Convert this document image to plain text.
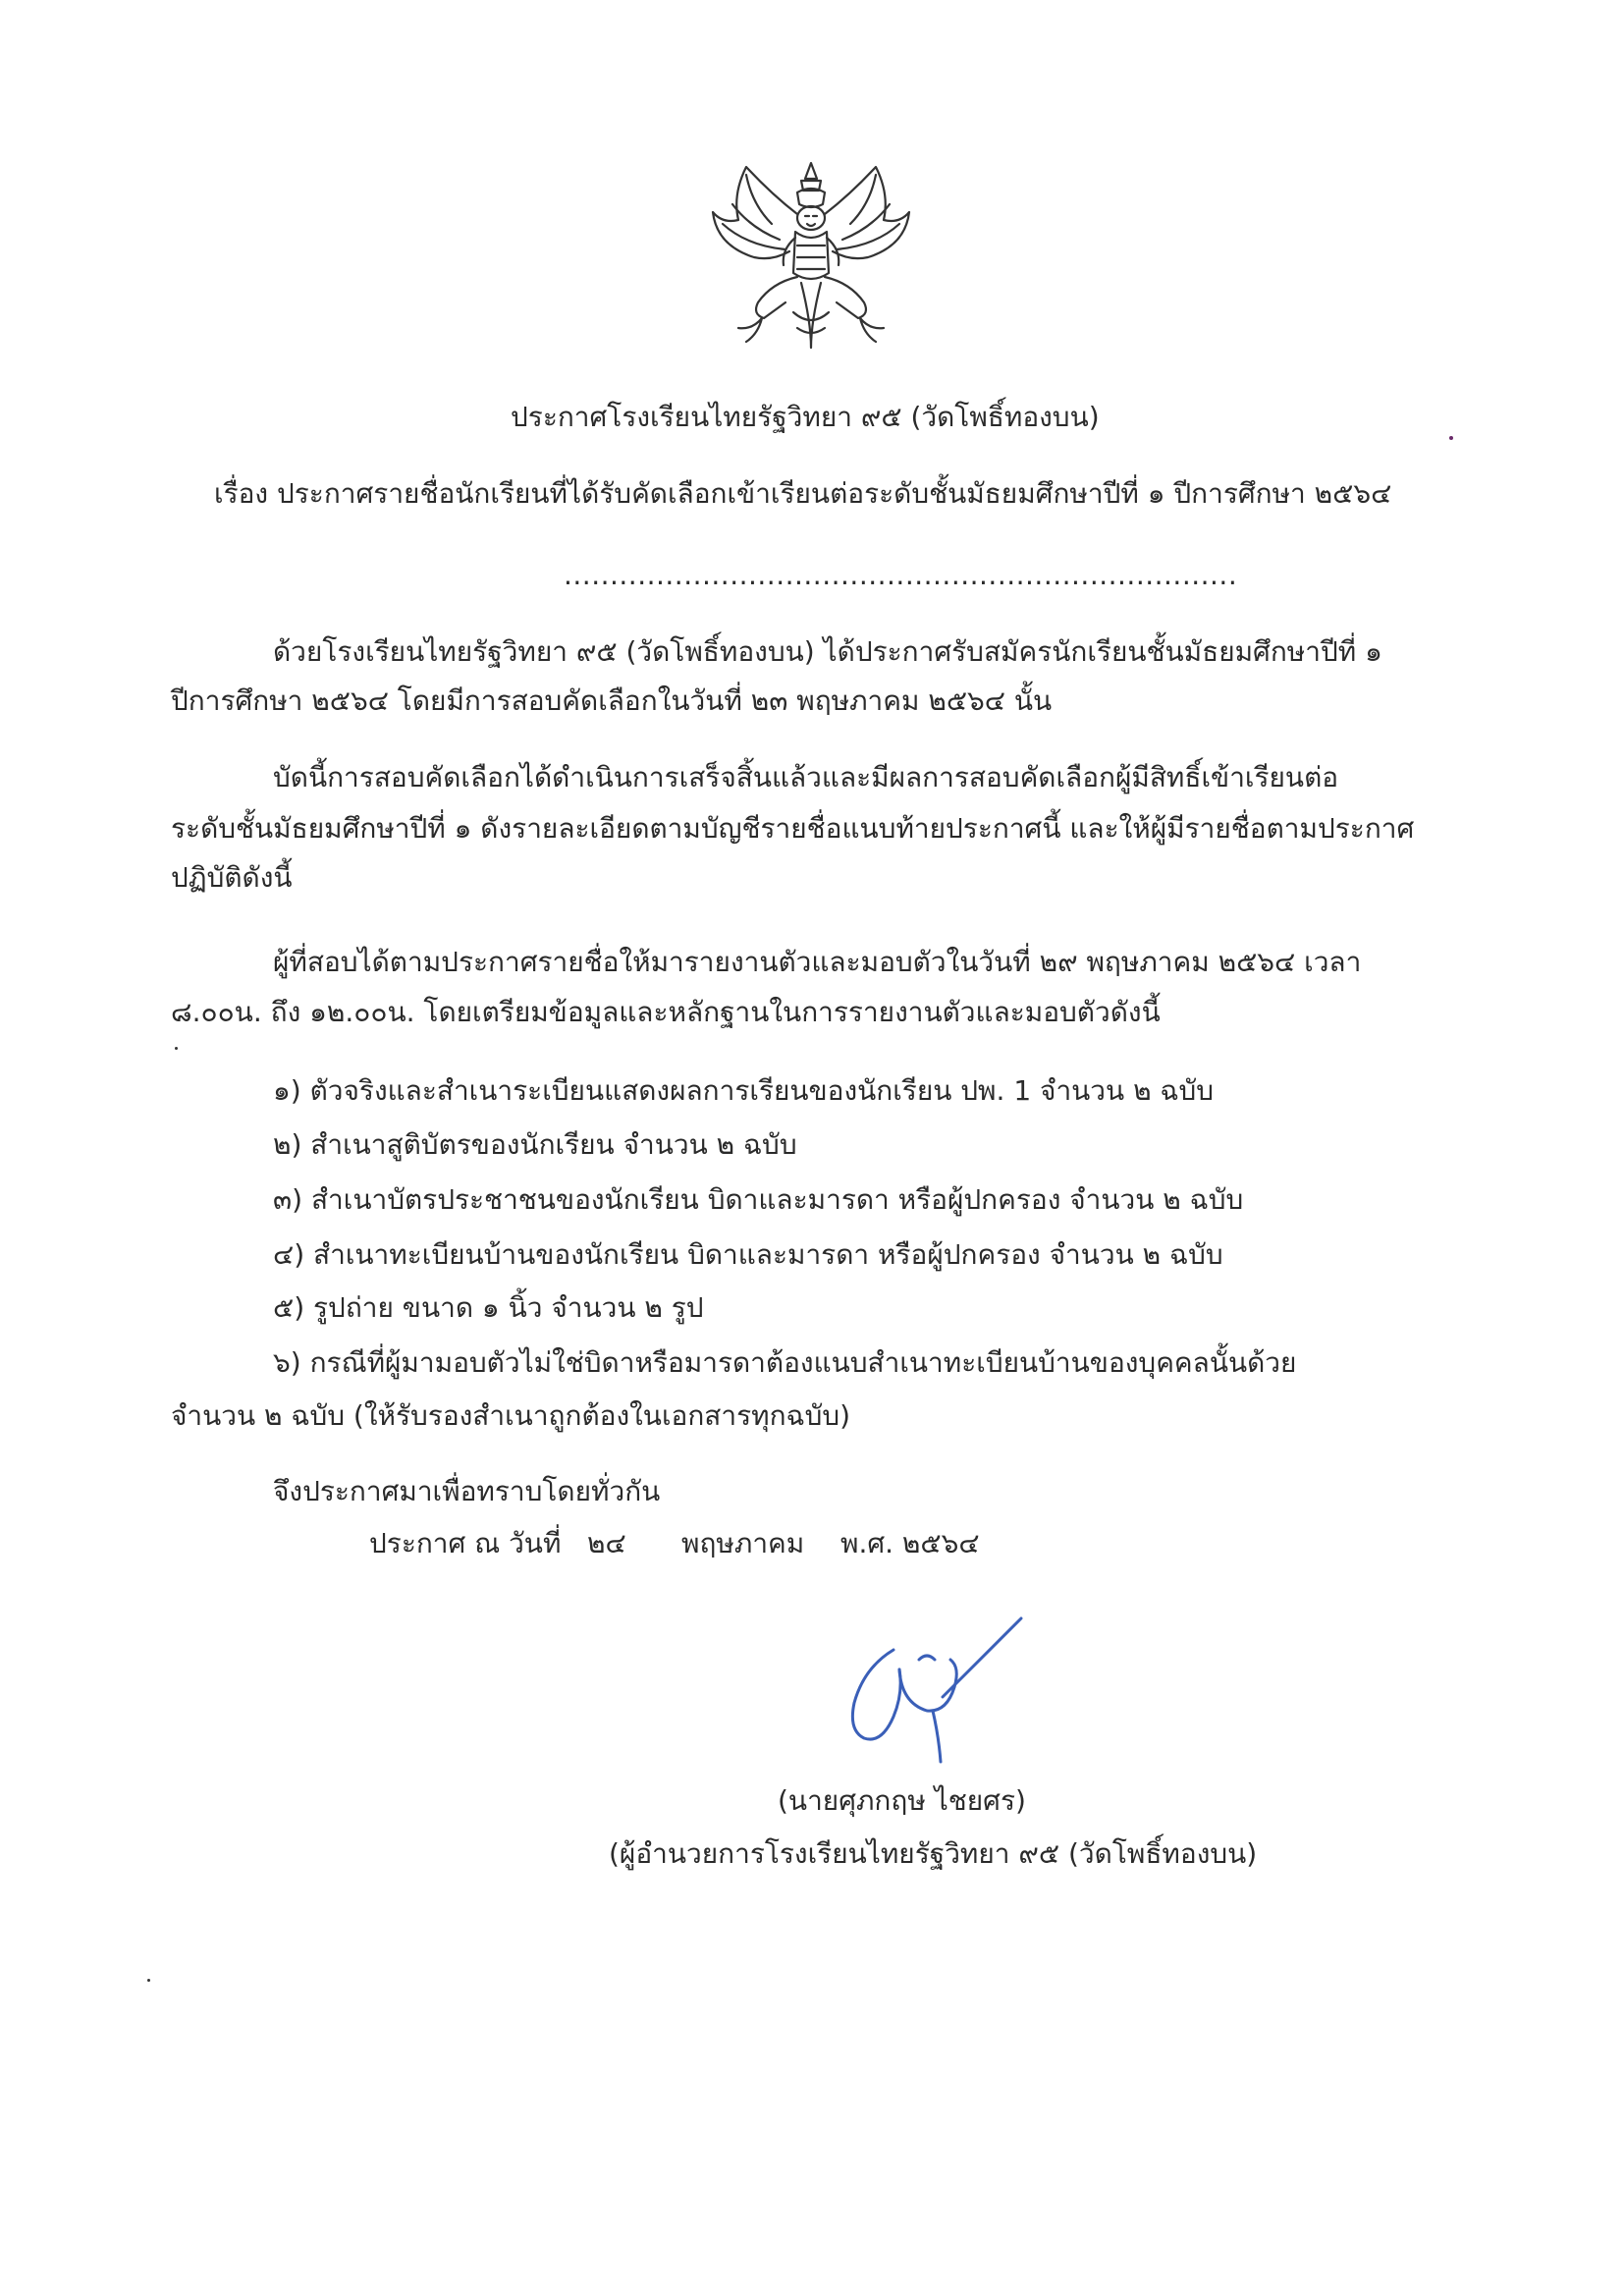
ประกาศโรงเรียนไทยรัฐวิทยา ๙๕ (วัดโพธิ์ทองบน)
เรื่อง ประกาศรายชื่อนักเรียนที่ได้รับคัดเลือกเข้าเรียนต่อระดับชั้นมัธยมศึกษาปีที่ ๑ ปีการศึกษา ๒๕๖๔
.........................................................................
ด้วยโรงเรียนไทยรัฐวิทยา ๙๕ (วัดโพธิ์ทองบน) ได้ประกาศรับสมัครนักเรียนชั้นมัธยมศึกษาปีที่ ๑
ปีการศึกษา ๒๕๖๔ โดยมีการสอบคัดเลือกในวันที่ ๒๓ พฤษภาคม ๒๕๖๔ นั้น
บัดนี้การสอบคัดเลือกได้ดำเนินการเสร็จสิ้นแล้วและมีผลการสอบคัดเลือกผู้มีสิทธิ์เข้าเรียนต่อ
ระดับชั้นมัธยมศึกษาปีที่ ๑ ดังรายละเอียดตามบัญชีรายชื่อแนบท้ายประกาศนี้ และให้ผู้มีรายชื่อตามประกาศ
ปฏิบัติดังนี้
ผู้ที่สอบได้ตามประกาศรายชื่อให้มารายงานตัวและมอบตัวในวันที่ ๒๙ พฤษภาคม ๒๕๖๔ เวลา
๘.๐๐น. ถึง ๑๒.๐๐น. โดยเตรียมข้อมูลและหลักฐานในการรายงานตัวและมอบตัวดังนี้
๑) ตัวจริงและสำเนาระเบียนแสดงผลการเรียนของนักเรียน ปพ. 1 จำนวน ๒ ฉบับ
๒) สำเนาสูติบัตรของนักเรียน จำนวน ๒ ฉบับ
๓) สำเนาบัตรประชาชนของนักเรียน บิดาและมารดา หรือผู้ปกครอง จำนวน ๒ ฉบับ
๔) สำเนาทะเบียนบ้านของนักเรียน บิดาและมารดา หรือผู้ปกครอง จำนวน ๒ ฉบับ
๕) รูปถ่าย ขนาด ๑ นิ้ว จำนวน ๒ รูป
๖) กรณีที่ผู้มามอบตัวไม่ใช่บิดาหรือมารดาต้องแนบสำเนาทะเบียนบ้านของบุคคลนั้นด้วย
จำนวน ๒ ฉบับ (ให้รับรองสำเนาถูกต้องในเอกสารทุกฉบับ)
จึงประกาศมาเพื่อทราบโดยทั่วกัน
ประกาศ ณ วันที่ ๒๔ พฤษภาคม พ.ศ. ๒๕๖๔
(นายศุภกฤษ ไชยศร)
(ผู้อำนวยการโรงเรียนไทยรัฐวิทยา ๙๕ (วัดโพธิ์ทองบน)
